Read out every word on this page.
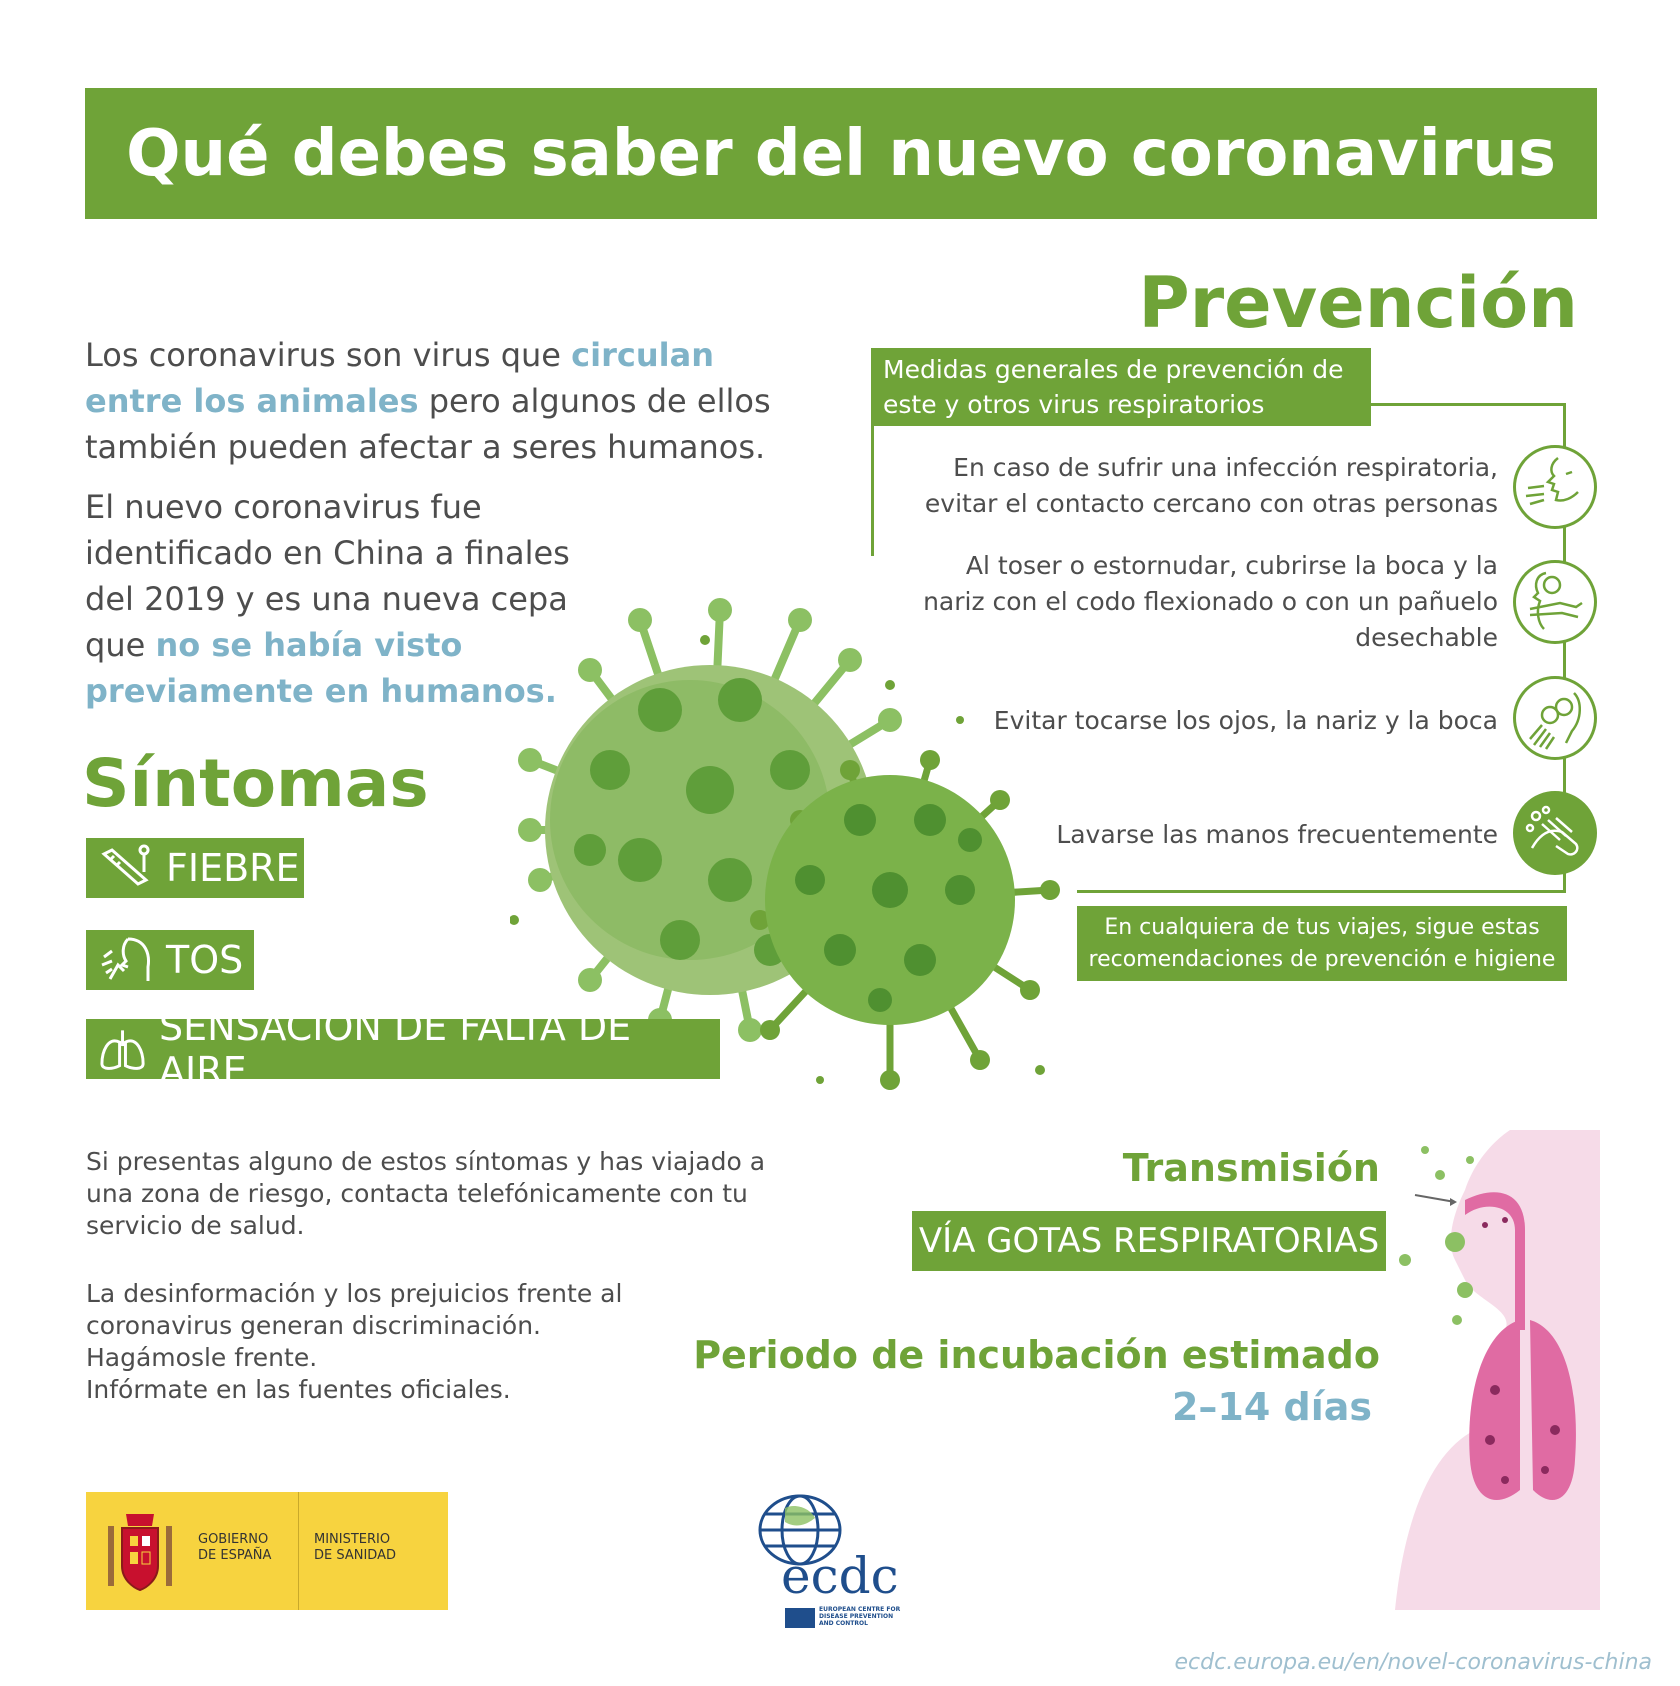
Qué debes saber del nuevo coronavirus
Los coronavirus son virus que circulan entre los animales pero algunos de ellos también pueden afectar a seres humanos.
El nuevo coronavirus fue identificado en China a finales del 2019 y es una nueva cepa que no se había visto previamente en humanos.
Síntomas
FIEBRE
TOS
SENSACIÓN DE FALTA DE AIRE
Si presentas alguno de estos síntomas y has viajado a una zona de riesgo, contacta telefónicamente con tu servicio de salud.
La desinformación y los prejuicios frente al coronavirus generan discriminación.
Hagámosle frente.
Infórmate en las fuentes oficiales.
Prevención
Medidas generales de prevención de este y otros virus respiratorios
En caso de sufrir una infección respiratoria, evitar el contacto cercano con otras personas
Al toser o estornudar, cubrirse la boca y la nariz con el codo flexionado o con un pañuelo desechable
Evitar tocarse los ojos, la nariz y la boca
Lavarse las manos frecuentemente
En cualquiera de tus viajes, sigue estas recomendaciones de prevención e higiene
Transmisión
VÍA GOTAS RESPIRATORIAS
Periodo de incubación estimado
2–14 días
GOBIERNO
DE ESPAÑA
MINISTERIO
DE SANIDAD	ecdc
EUROPEAN CENTRE FOR
DISEASE PREVENTION
AND CONTROL
ecdc.europa.eu/en/novel-coronavirus-china
